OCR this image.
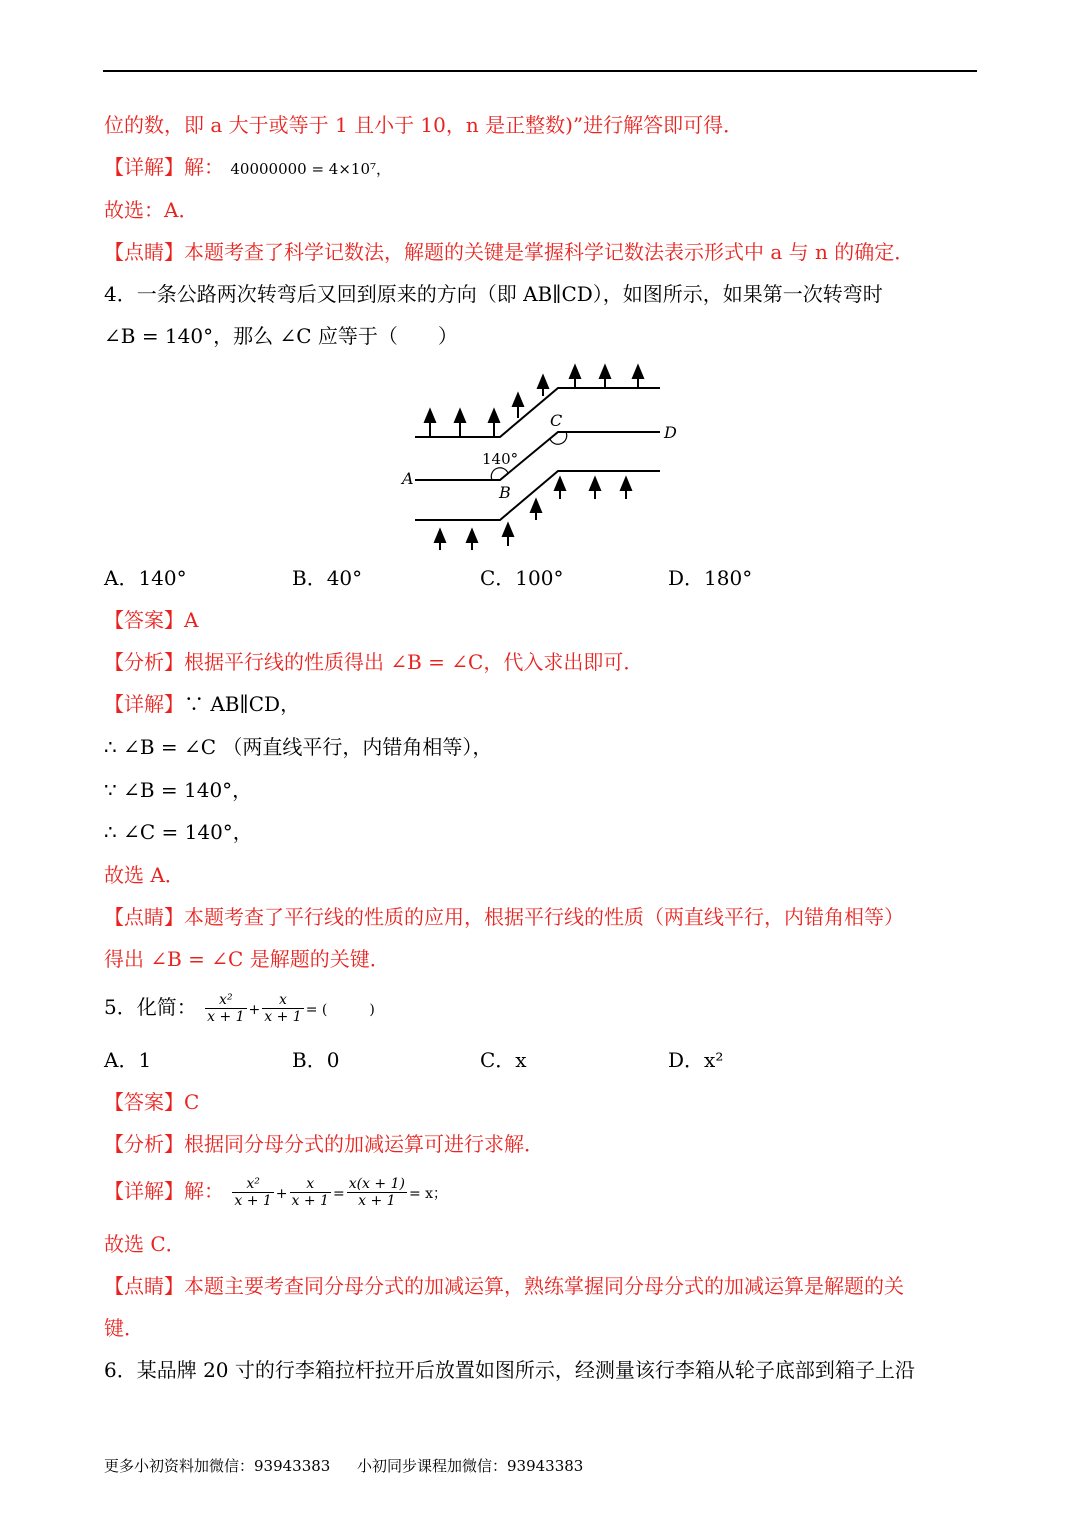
位的数，即 a 大于或等于 1 且小于 10，n 是正整数)”进行解答即可得．
【详解】解： 40000000 = 4×10⁷，
故选：A．
【点睛】本题考查了科学记数法，解题的关键是掌握科学记数法表示形式中 a 与 n 的确定．
4．一条公路两次转弯后又回到原来的方向（即 AB∥CD），如图所示，如果第一次转弯时
∠B = 140°，那么 ∠C 应等于（　　）
A
B
C
D
140°
A．140°	B．40°	C．100°	D．180°
【答案】A
【分析】根据平行线的性质得出 ∠B = ∠C，代入求出即可．
【详解】∵ AB∥CD，
∴ ∠B = ∠C （两直线平行，内错角相等），
∵ ∠B = 140°，
∴ ∠C = 140°，
故选 A．
【点睛】本题考查了平行线的性质的应用，根据平行线的性质（两直线平行，内错角相等）
得出 ∠B = ∠C 是解题的关键．
5．化简： $\frac{\text{x²}}{x + 1} + \frac{x}{x + 1}$ = (　　　)
A．1	B．0	C．x	D．x²
【答案】C
【分析】根据同分母分式的加减运算可进行求解．
【详解】解： $\frac{\text{x²}}{x + 1} + \frac{x}{x + 1} = \frac{x(x + 1)}{x + 1} = x$；
故选 C．
【点睛】本题主要考查同分母分式的加减运算，熟练掌握同分母分式的加减运算是解题的关
键．
6．某品牌 20 寸的行李箱拉杆拉开后放置如图所示，经测量该行李箱从轮子底部到箱子上沿
更多小初资料加微信：93943383 小初同步课程加微信：93943383
